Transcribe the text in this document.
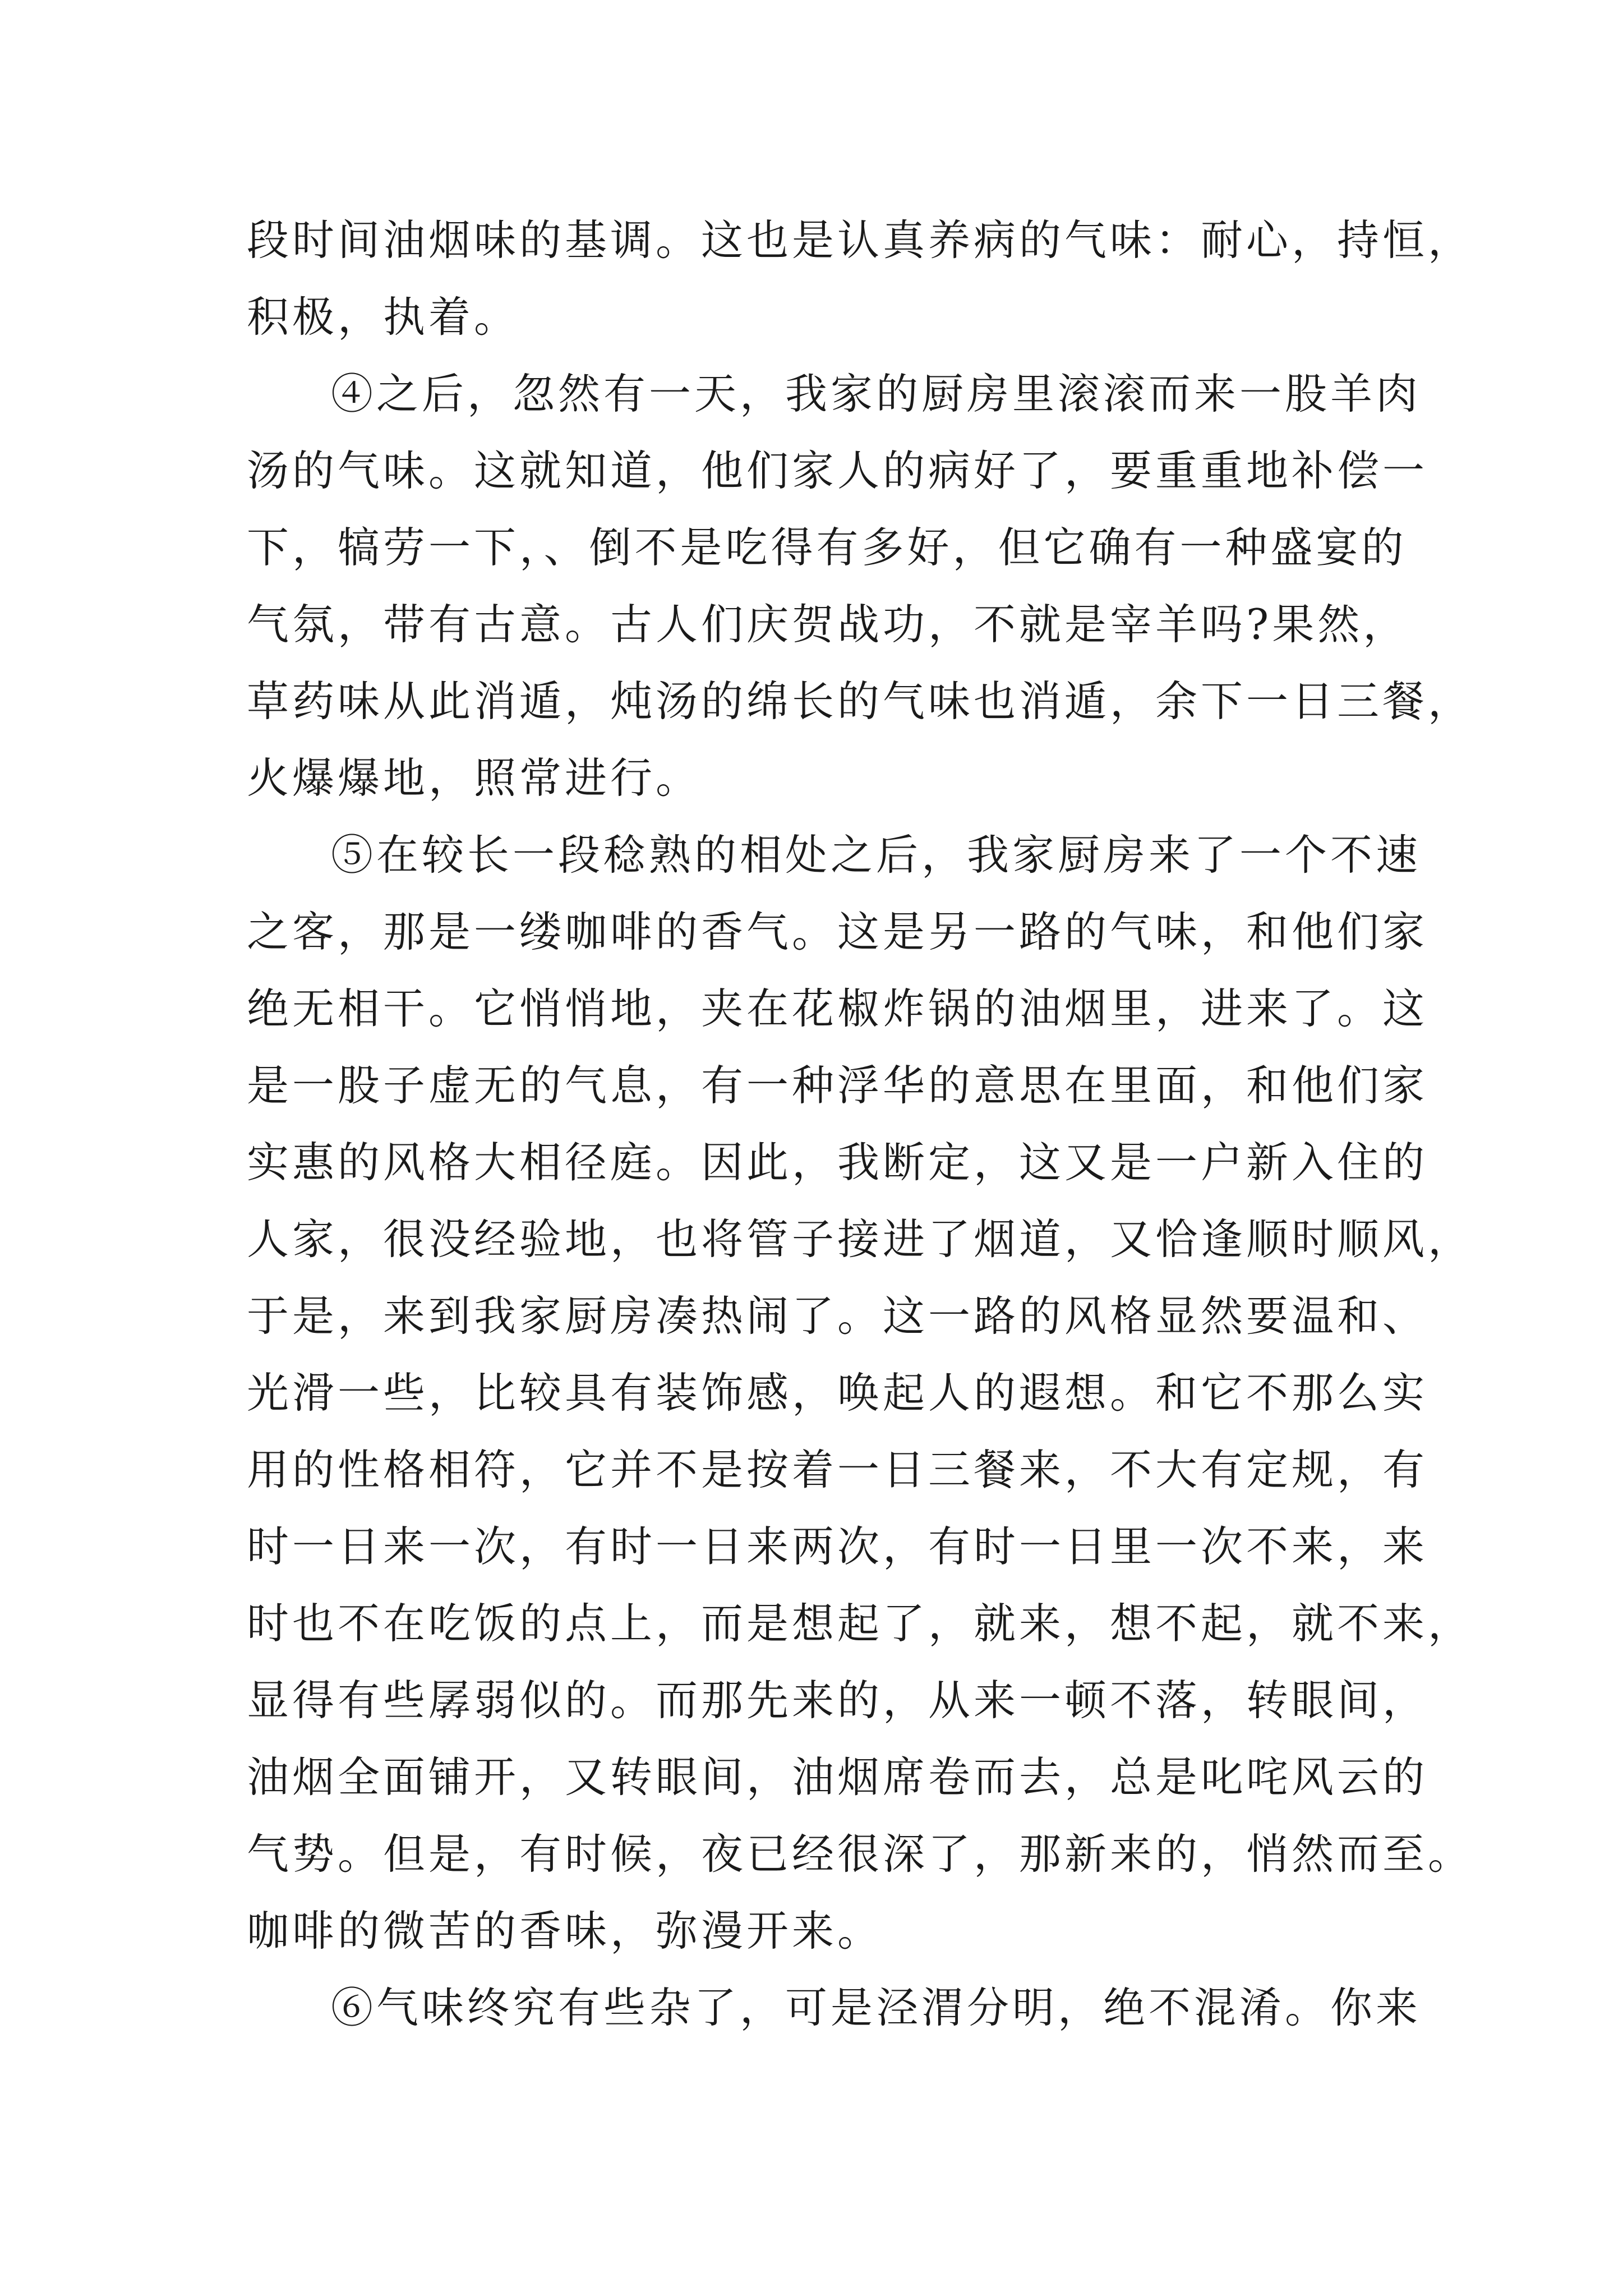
段时间油烟味的基调。这也是认真养病的气味：耐心，持恒，
积极，执着。
④之后，忽然有一天，我家的厨房里滚滚而来一股羊肉
汤的气味。这就知道，他们家人的病好了，要重重地补偿一
下，犒劳一下，、倒不是吃得有多好，但它确有一种盛宴的
气氛，带有古意。古人们庆贺战功，不就是宰羊吗?果然，
草药味从此消遁，炖汤的绵长的气味也消遁，余下一日三餐，
火爆爆地，照常进行。
⑤在较长一段稔熟的相处之后，我家厨房来了一个不速
之客，那是一缕咖啡的香气。这是另一路的气味，和他们家
绝无相干。它悄悄地，夹在花椒炸锅的油烟里，进来了。这
是一股子虚无的气息，有一种浮华的意思在里面，和他们家
实惠的风格大相径庭。因此，我断定，这又是一户新入住的
人家，很没经验地，也将管子接进了烟道，又恰逢顺时顺风，
于是，来到我家厨房凑热闹了。这一路的风格显然要温和、
光滑一些，比较具有装饰感，唤起人的遐想。和它不那么实
用的性格相符，它并不是按着一日三餐来，不大有定规，有
时一日来一次，有时一日来两次，有时一日里一次不来，来
时也不在吃饭的点上，而是想起了，就来，想不起，就不来，
显得有些孱弱似的。而那先来的，从来一顿不落，转眼间，
油烟全面铺开，又转眼间，油烟席卷而去，总是叱咤风云的
气势。但是，有时候，夜已经很深了，那新来的，悄然而至。
咖啡的微苦的香味，弥漫开来。
⑥气味终究有些杂了，可是泾渭分明，绝不混淆。你来
